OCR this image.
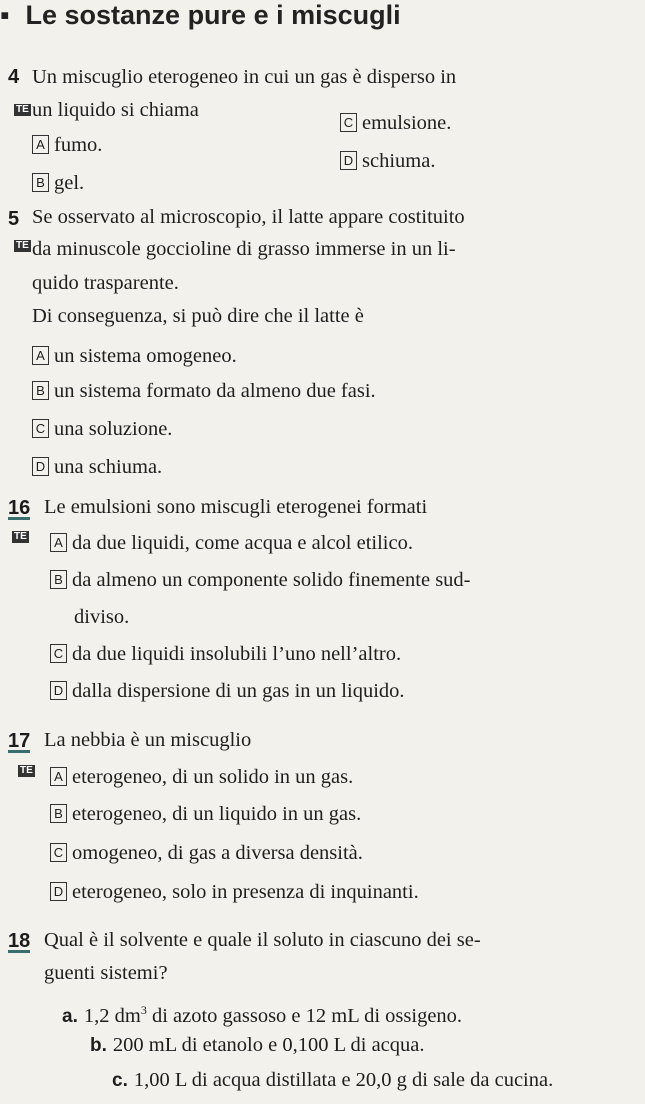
▪ Le sostanze pure e i miscugli
4
TE
Un miscuglio eterogeneo in cui un gas è disperso in
un liquido si chiama
A fumo.
B gel.
C emulsione.
D schiuma.
5
TE
Se osservato al microscopio, il latte appare costituito
da minuscole goccioline di grasso immerse in un li-
quido trasparente.
Di conseguenza, si può dire che il latte è
A un sistema omogeneo.
B un sistema formato da almeno due fasi.
C una soluzione.
D una schiuma.
16
TE
Le emulsioni sono miscugli eterogenei formati
A da due liquidi, come acqua e alcol etilico.
B da almeno un componente solido finemente sud-
diviso.
C da due liquidi insolubili l’uno nell’altro.
D dalla dispersione di un gas in un liquido.
17
TE
La nebbia è un miscuglio
A eterogeneo, di un solido in un gas.
B eterogeneo, di un liquido in un gas.
C omogeneo, di gas a diversa densità.
D eterogeneo, solo in presenza di inquinanti.
18 Qual è il solvente e quale il soluto in ciascuno dei se-
guenti sistemi?
a. 1,2 $dm^3$ di azoto gassoso e 12 mL di ossigeno.
b. 200 mL di etanolo e 0,100 L di acqua.
c. 1,00 L di acqua distillata e 20,0 g di sale da cucina.
